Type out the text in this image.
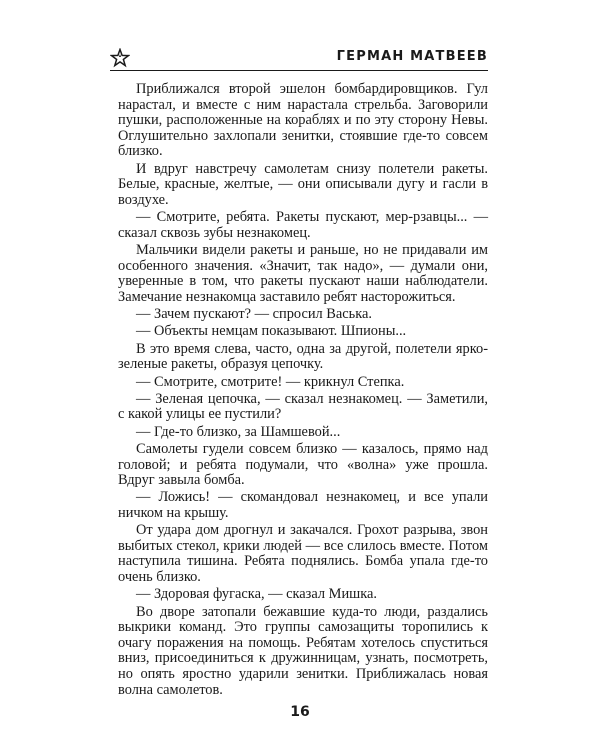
ГЕРМАН МАТВЕЕВ

Приближался второй эшелон бомбардировщиков. Гул нарастал, и вместе с ним нарастала стрельба. Заговорили пушки, расположенные на кораблях и по эту сторону Невы. Оглушительно захлопали зенитки, стоявшие где-то совсем близко.

И вдруг навстречу самолетам снизу полетели ракеты. Белые, красные, желтые, — они описывали дугу и гасли в воздухе.

— Смотрите, ребята. Ракеты пускают, мер-рзавцы... — сказал сквозь зубы незнакомец.

Мальчики видели ракеты и раньше, но не придавали им особенного значения. «Значит, так надо», — думали они, уверенные в том, что ракеты пускают наши наблюдатели. Замечание незнакомца заставило ребят насторожиться.

— Зачем пускают? — спросил Васька.

— Объекты немцам показывают. Шпионы...

В это время слева, часто, одна за другой, полетели ярко-зеленые ракеты, образуя цепочку.

— Смотрите, смотрите! — крикнул Степка.

— Зеленая цепочка, — сказал незнакомец. — Заметили, с какой улицы ее пустили?

— Где-то близко, за Шамшевой...

Самолеты гудели совсем близко — казалось, прямо над головой; и ребята подумали, что «волна» уже прошла. Вдруг завыла бомба.

— Ложись! — скомандовал незнакомец, и все упали ничком на крышу.

От удара дом дрогнул и закачался. Грохот разрыва, звон выбитых стекол, крики людей — все слилось вместе. Потом наступила тишина. Ребята поднялись. Бомба упала где-то очень близко.

— Здоровая фугаска, — сказал Мишка.

Во дворе затопали бежавшие куда-то люди, раздались выкрики команд. Это группы самозащиты торопились к очагу поражения на помощь. Ребятам хотелось спуститься вниз, присоединиться к дружинницам, узнать, посмотреть, но опять яростно ударили зенитки. Приближалась новая волна самолетов.

16
